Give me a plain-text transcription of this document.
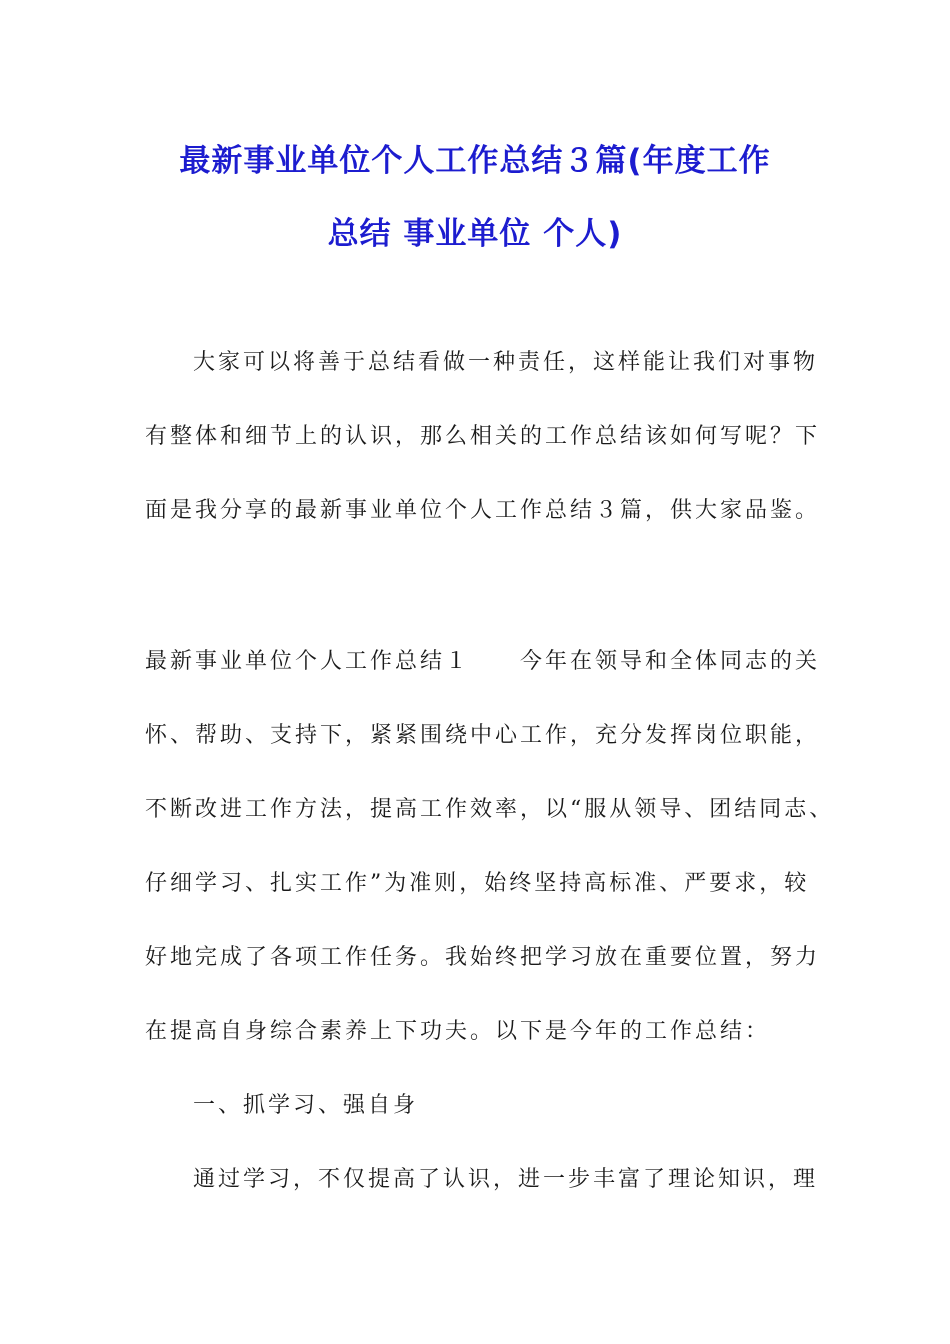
最新事业单位个人工作总结３篇(年度工作
总结 事业单位 个人)
大家可以将善于总结看做一种责任，这样能让我们对事物
有整体和细节上的认识，那么相关的工作总结该如何写呢？下
面是我分享的最新事业单位个人工作总结３篇，供大家品鉴。
最新事业单位个人工作总结１　　今年在领导和全体同志的关
怀、帮助、支持下，紧紧围绕中心工作，充分发挥岗位职能，
不断改进工作方法，提高工作效率，以“服从领导、团结同志、
仔细学习、扎实工作”为准则，始终坚持高标准、严要求，较
好地完成了各项工作任务。我始终把学习放在重要位置，努力
在提高自身综合素养上下功夫。以下是今年的工作总结：
一、抓学习、强自身
通过学习，不仅提高了认识，进一步丰富了理论知识，理
